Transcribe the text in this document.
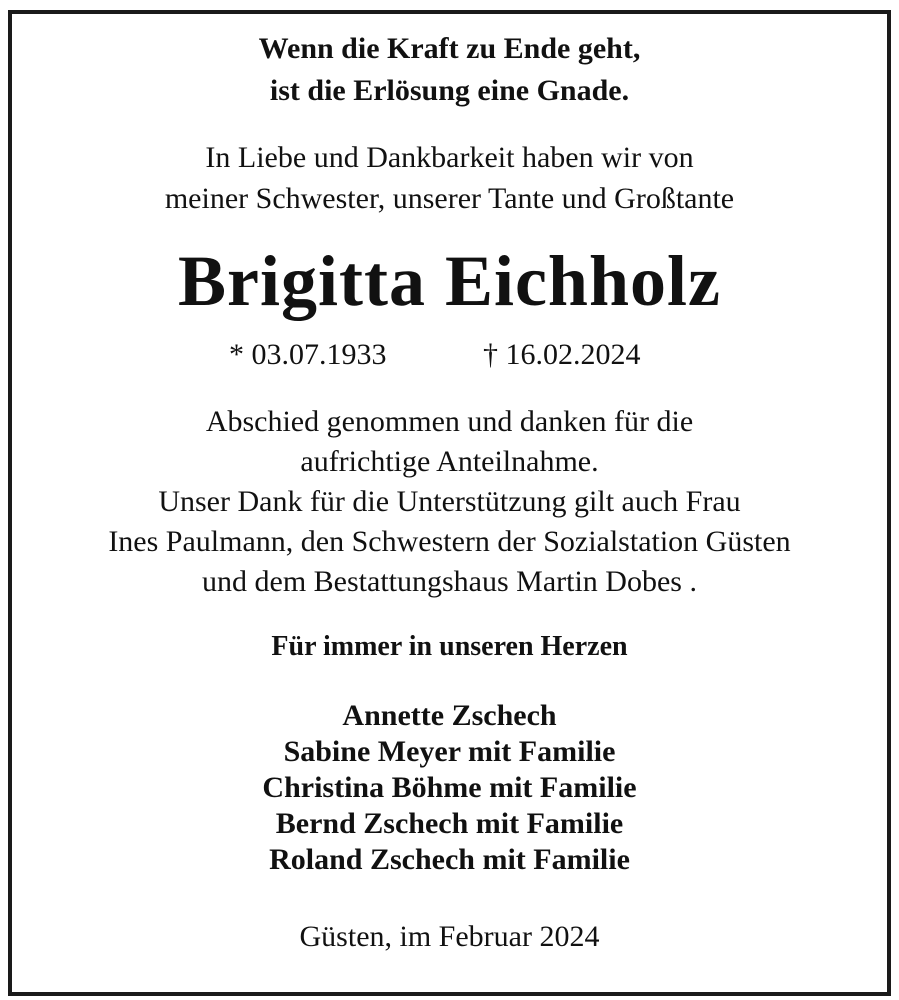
Wenn die Kraft zu Ende geht,

ist die Erlösung eine Gnade.

In Liebe und Dankbarkeit haben wir von

meiner Schwester, unserer Tante und Großtante

Brigitta Eichholz

* 03.07.1933	† 16.02.2024

Abschied genommen und danken für die

aufrichtige Anteilnahme.

Unser Dank für die Unterstützung gilt auch Frau

Ines Paulmann, den Schwestern der Sozialstation Güsten

und dem Bestattungshaus Martin Dobes .

Für immer in unseren Herzen

Annette Zschech

Sabine Meyer mit Familie

Christina Böhme mit Familie

Bernd Zschech mit Familie

Roland Zschech mit Familie

Güsten, im Februar 2024
